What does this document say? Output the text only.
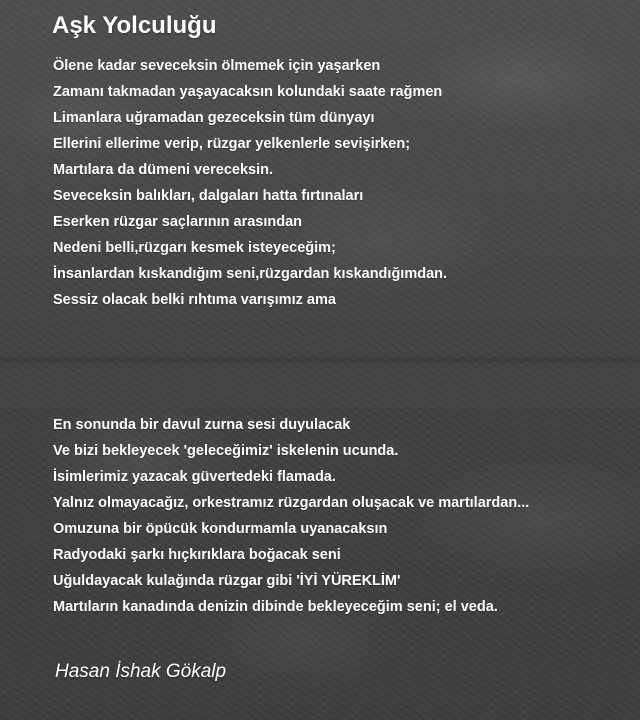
Aşk Yolculuğu
Ölene kadar seveceksin ölmemek için yaşarken
Zamanı takmadan yaşayacaksın kolundaki saate rağmen
Limanlara uğramadan gezeceksin tüm dünyayı
Ellerini ellerime verip, rüzgar yelkenlerle sevişirken;
Martılara da dümeni vereceksin.
Seveceksin balıkları, dalgaları hatta fırtınaları
Eserken rüzgar saçlarının arasından
Nedeni belli,rüzgarı kesmek isteyeceğim;
İnsanlardan kıskandığım seni,rüzgardan kıskandığımdan.
Sessiz olacak belki rıhtıma varışımız ama
En sonunda bir davul zurna sesi duyulacak
Ve bizi bekleyecek 'geleceğimiz' iskelenin ucunda.
İsimlerimiz yazacak güvertedeki flamada.
Yalnız olmayacağız, orkestramız rüzgardan oluşacak ve martılardan...
Omuzuna bir öpücük kondurmamla uyanacaksın
Radyodaki şarkı hıçkırıklara boğacak seni
Uğuldayacak kulağında rüzgar gibi 'İYİ YÜREKLİM'
Martıların kanadında denizin dibinde bekleyeceğim seni; el veda.
Hasan İshak Gökalp
